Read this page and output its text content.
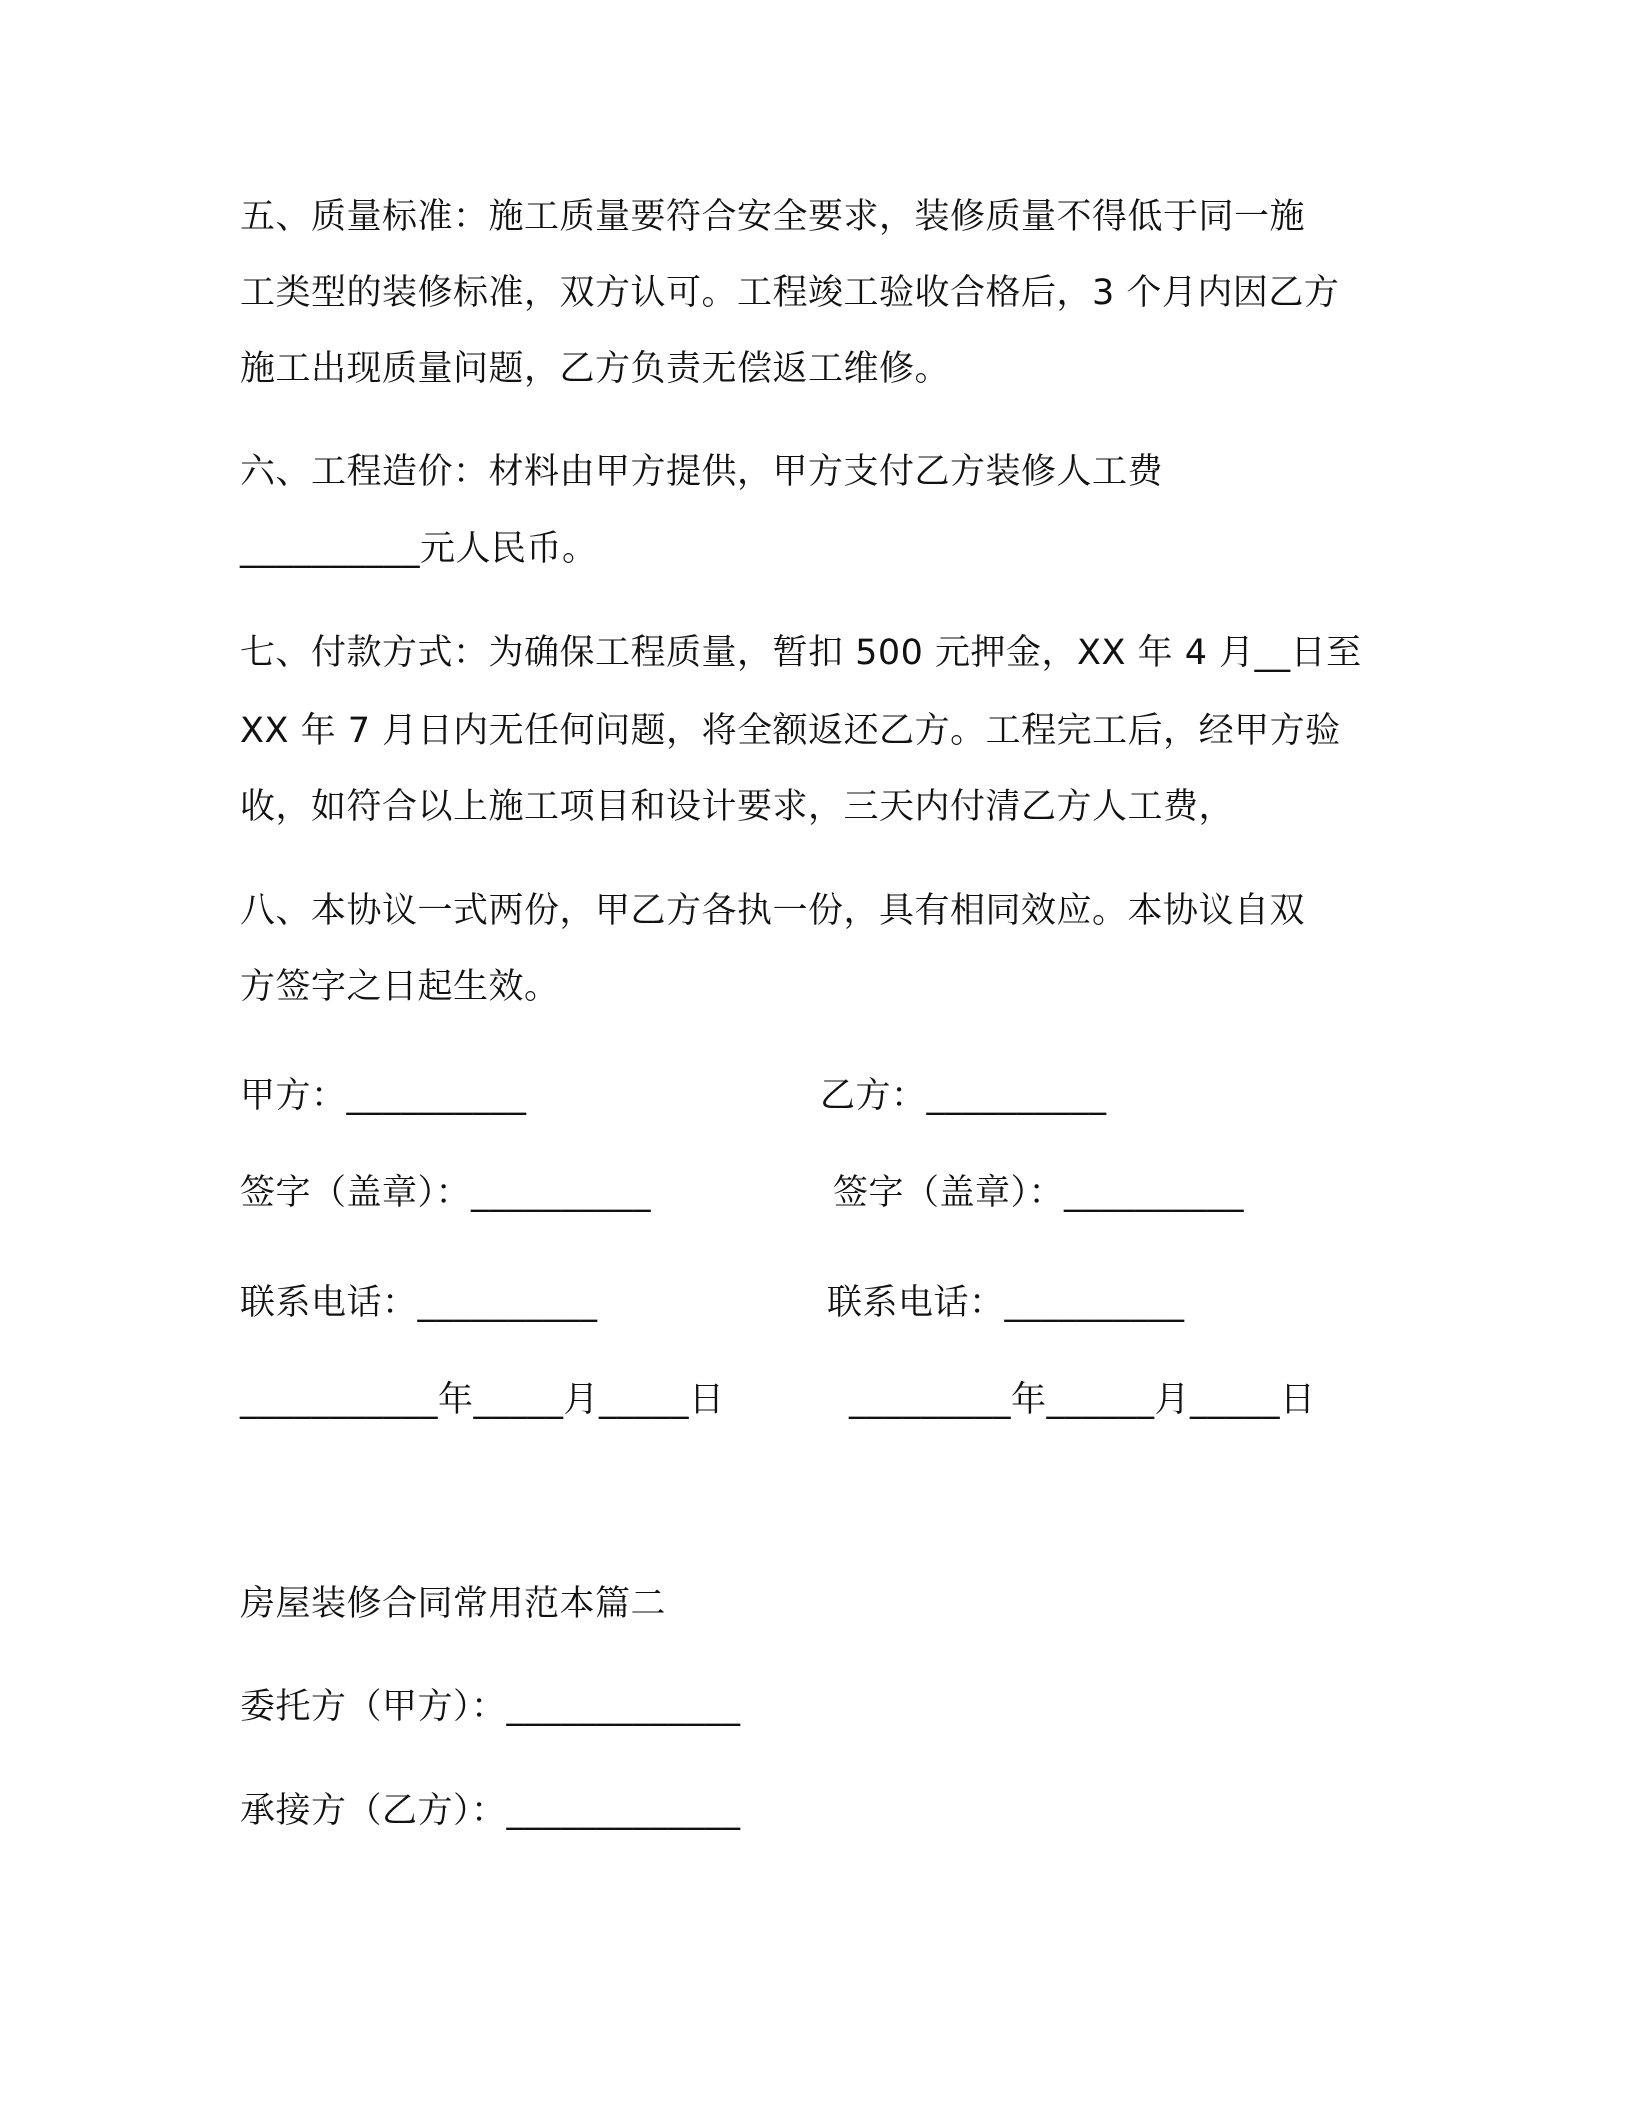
五、质量标准：施工质量要符合安全要求，装修质量不得低于同一施
工类型的装修标准，双方认可。工程竣工验收合格后，3 个月内因乙方
施工出现质量问题，乙方负责无偿返工维修。
六、工程造价：材料由甲方提供，甲方支付乙方装修人工费
__________元人民币。
七、付款方式：为确保工程质量，暂扣 500 元押金，XX 年 4 月__日至
XX 年 7 月日内无任何问题，将全额返还乙方。工程完工后，经甲方验
收，如符合以上施工项目和设计要求，三天内付清乙方人工费，
八、本协议一式两份，甲乙方各执一份，具有相同效应。本协议自双
方签字之日起生效。
甲方：__________	乙方：__________
签字（盖章）：__________	签字（盖章）：__________
联系电话：__________	联系电话：__________
___________年_____月_____日	_________年______月_____日
房屋装修合同常用范本篇二
委托方（甲方）：_____________
承接方（乙方）：_____________
